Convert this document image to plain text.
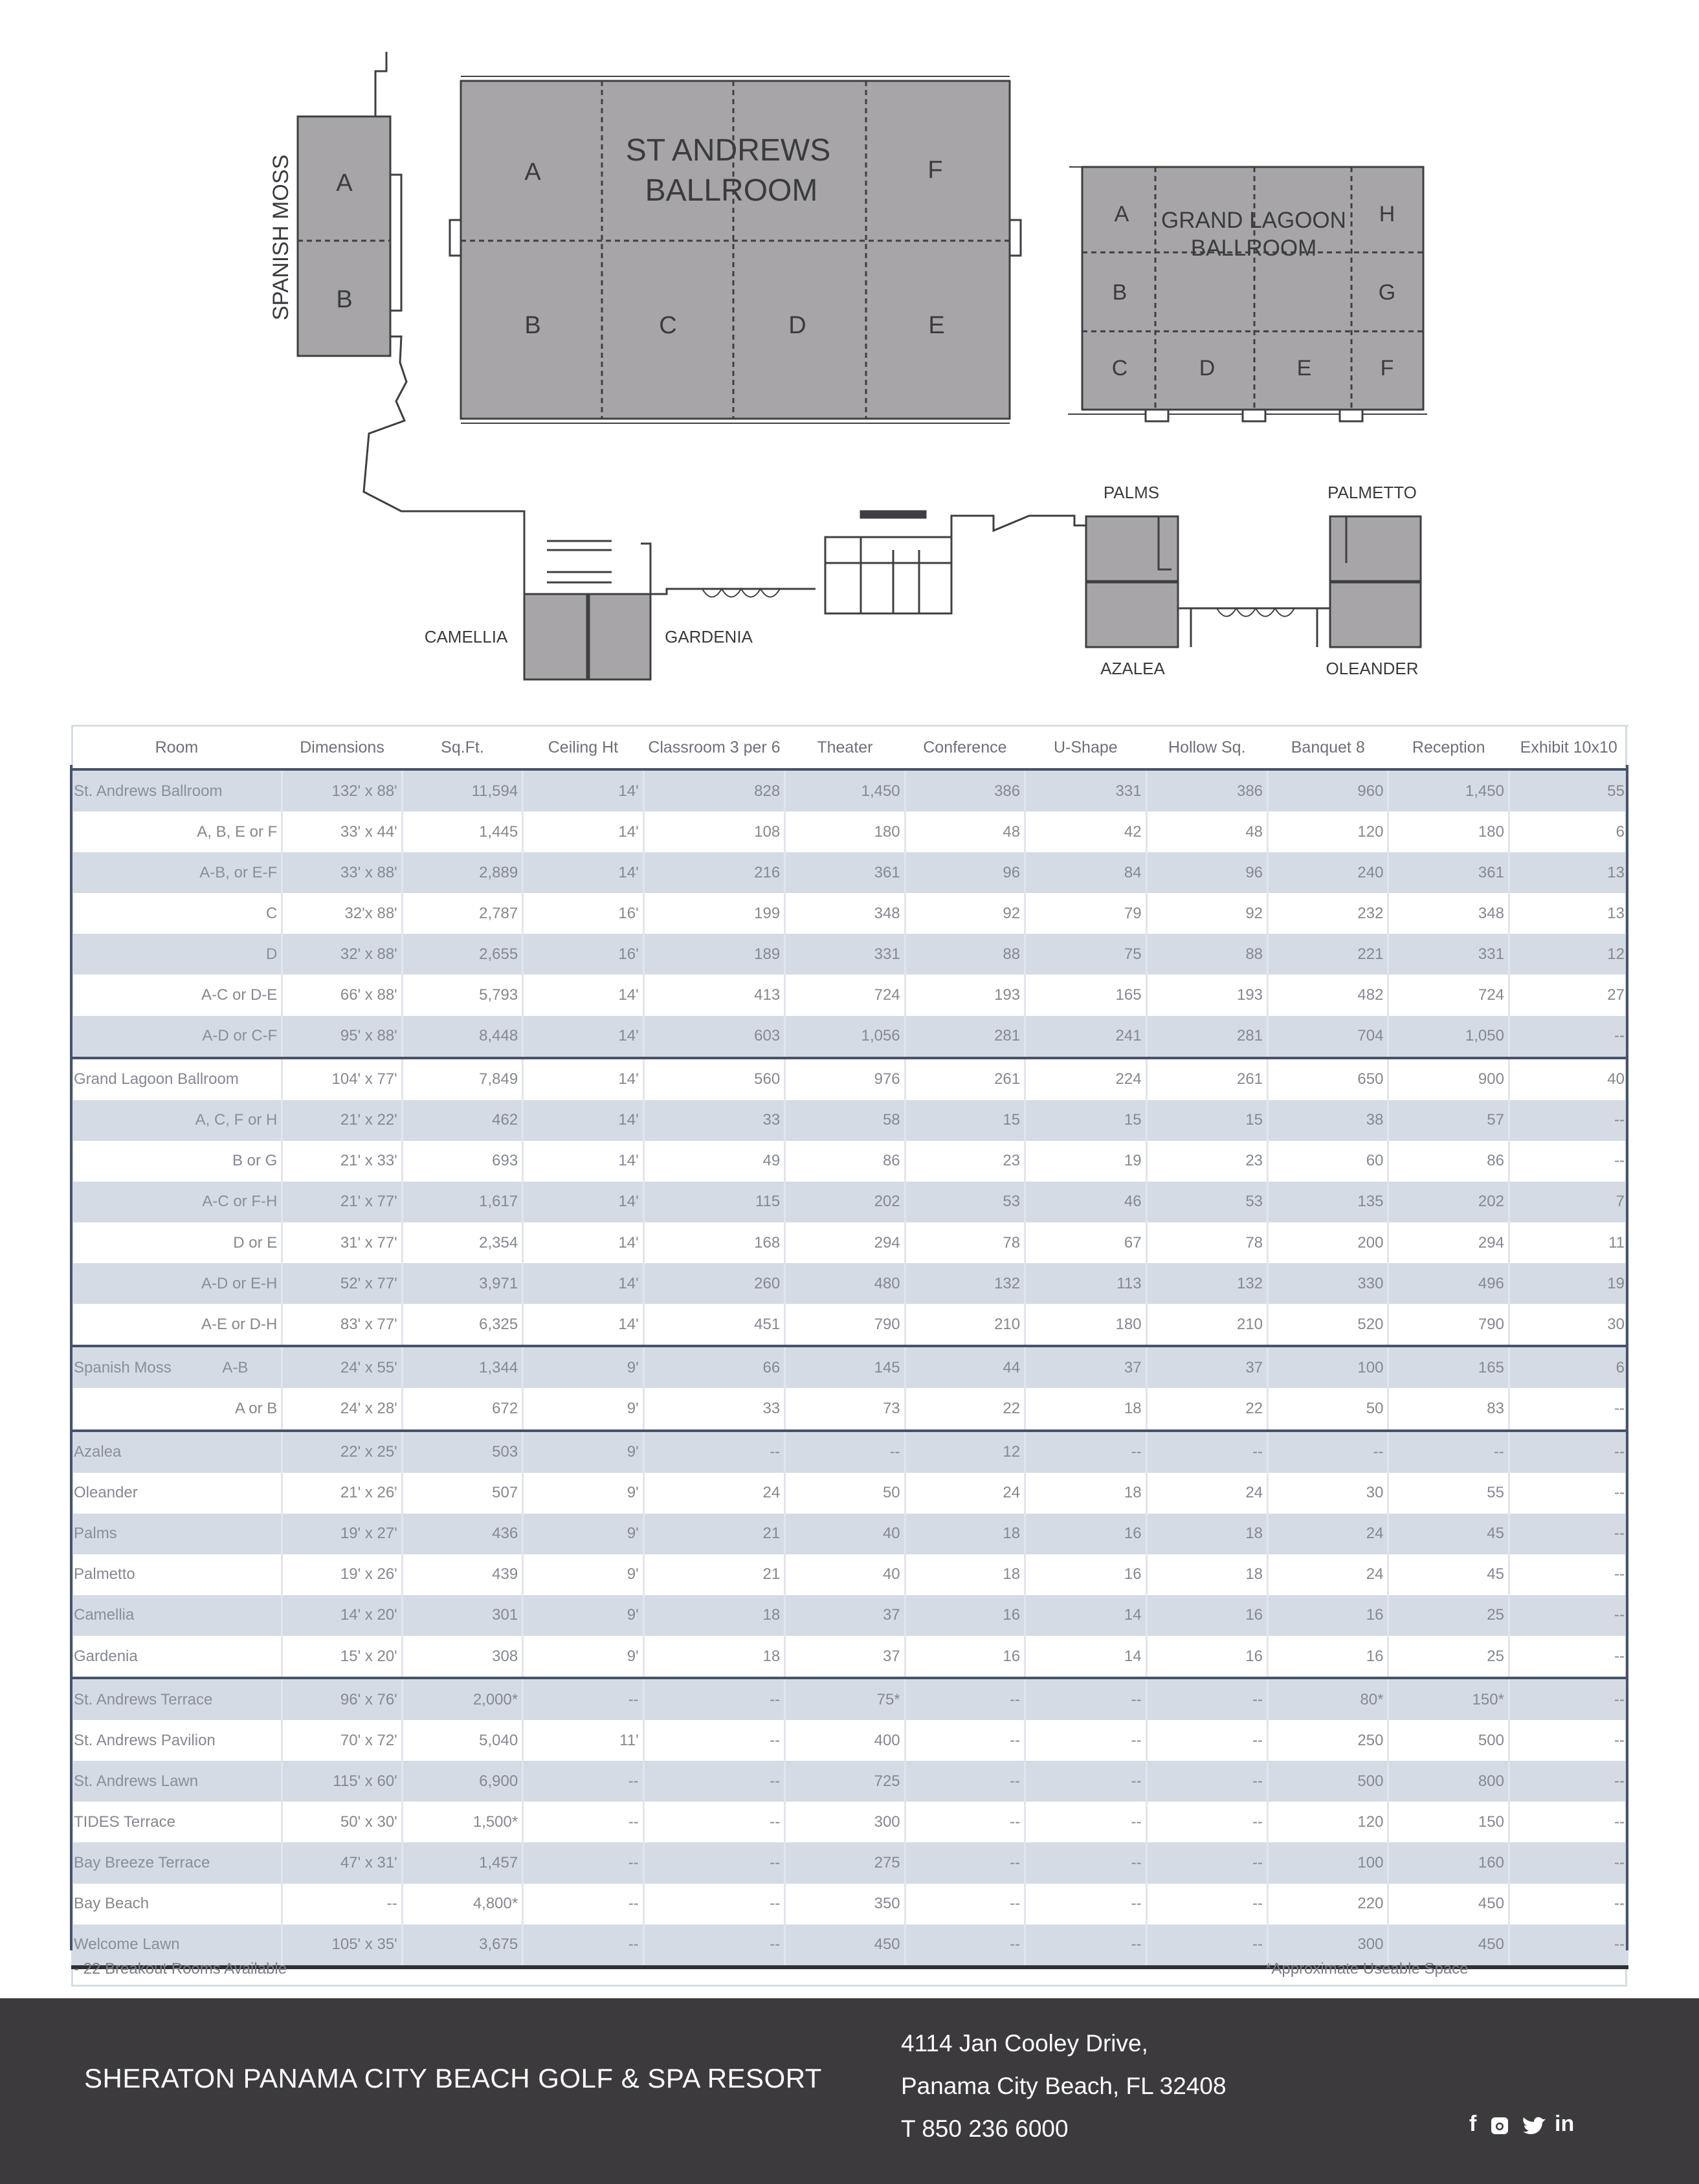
ST ANDREWS
BALLROOM
A	F
B	C	D	E
A
B
SPANISH MOSS	GRAND LAGOON
BALLROOM
A	H
B	G
C	D	E	F
CAMELLIA	GARDENIA
PALMS	PALMETTO
AZALEA	OLEANDER
Room	Dimensions	Sq.Ft.	Ceiling Ht	Classroom 3 per 6	Theater	Conference	U-Shape	Hollow Sq.	Banquet 8	Reception	Exhibit 10x10
St. Andrews Ballroom	132' x 88'	11,594	14'	828	1,450	386	331	386	960	1,450	55
A, B, E or F	33' x 44'	1,445	14'	108	180	48	42	48	120	180	6
A-B, or E-F	33' x 88'	2,889	14'	216	361	96	84	96	240	361	13
C	32'x 88'	2,787	16'	199	348	92	79	92	232	348	13
D	32' x 88'	2,655	16'	189	331	88	75	88	221	331	12
A-C or D-E	66' x 88'	5,793	14'	413	724	193	165	193	482	724	27
A-D or C-F	95' x 88'	8,448	14'	603	1,056	281	241	281	704	1,050	--
Grand Lagoon Ballroom	104' x 77'	7,849	14'	560	976	261	224	261	650	900	40
A, C, F or H	21' x 22'	462	14'	33	58	15	15	15	38	57	--
B or G	21' x 33'	693	14'	49	86	23	19	23	60	86	--
A-C or F-H	21' x 77'	1,617	14'	115	202	53	46	53	135	202	7
D or E	31' x 77'	2,354	14'	168	294	78	67	78	200	294	11
A-D or E-H	52' x 77'	3,971	14'	260	480	132	113	132	330	496	19
A-E or D-H	83' x 77'	6,325	14'	451	790	210	180	210	520	790	30
Spanish Moss            A-B	24' x 55'	1,344	9'	66	145	44	37	37	100	165	6
A or B	24' x 28'	672	9'	33	73	22	18	22	50	83	--
Azalea	22' x 25'	503	9'	--	--	12	--	--	--	--	--
Oleander	21' x 26'	507	9'	24	50	24	18	24	30	55	--
Palms	19' x 27'	436	9'	21	40	18	16	18	24	45	--
Palmetto	19' x 26'	439	9'	21	40	18	16	18	24	45	--
Camellia	14' x 20'	301	9'	18	37	16	14	16	16	25	--
Gardenia	15' x 20'	308	9'	18	37	16	14	16	16	25	--
St. Andrews Terrace	96' x 76'	2,000*	--	--	75*	--	--	--	80*	150*	--
St. Andrews Pavilion	70' x 72'	5,040	11'	--	400	--	--	--	250	500	--
St. Andrews Lawn	115' x 60'	6,900	--	--	725	--	--	--	500	800	--
TIDES Terrace	50' x 30'	1,500*	--	--	300	--	--	--	120	150	--
Bay Breeze Terrace	47' x 31'	1,457	--	--	275	--	--	--	100	160	--
Bay Beach	--	4,800*	--	--	350	--	--	--	220	450	--
Welcome Lawn	105' x 35'	3,675	--	--	450	--	--	--	300	450	--
- 22 Breakout Rooms Available	*Approximate Useable Space
SHERATON PANAMA CITY BEACH GOLF & SPA RESORT
4114 Jan Cooley Drive,
Panama City Beach, FL 32408
T 850 236 6000	f	in
